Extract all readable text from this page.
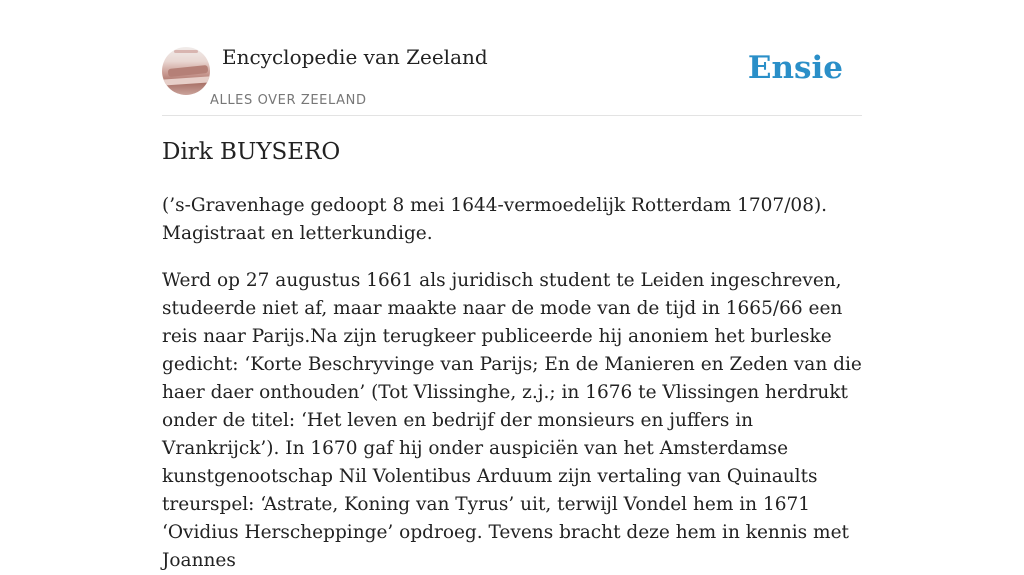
Encyclopedie van Zeeland
ALLES OVER ZEELAND
Ensie
Dirk BUYSERO

(’s-Gravenhage gedoopt 8 mei 1644-vermoedelijk Rotterdam 1707/08). Magistraat en letterkundige.

Werd op 27 augustus 1661 als juridisch student te Leiden ingeschreven, studeerde niet af, maar maakte naar de mode van de tijd in 1665/66 een reis naar Parijs.Na zijn terugkeer publiceerde hij anoniem het burleske gedicht: ‘Korte Beschryvinge van Parijs; En de Manieren en Zeden van die haer daer onthouden’ (Tot Vlissinghe, z.j.; in 1676 te Vlissingen herdrukt onder de titel: ‘Het leven en bedrijf der monsieurs en juffers in Vrankrijck’). In 1670 gaf hij onder auspiciën van het Amsterdamse kunstgenootschap Nil Volentibus Arduum zijn vertaling van Quinaults treurspel: ‘Astrate, Koning van Tyrus’ uit, terwijl Vondel hem in 1671 ‘Ovidius Herscheppinge’ opdroeg. Tevens bracht deze hem in kennis met Joannes
